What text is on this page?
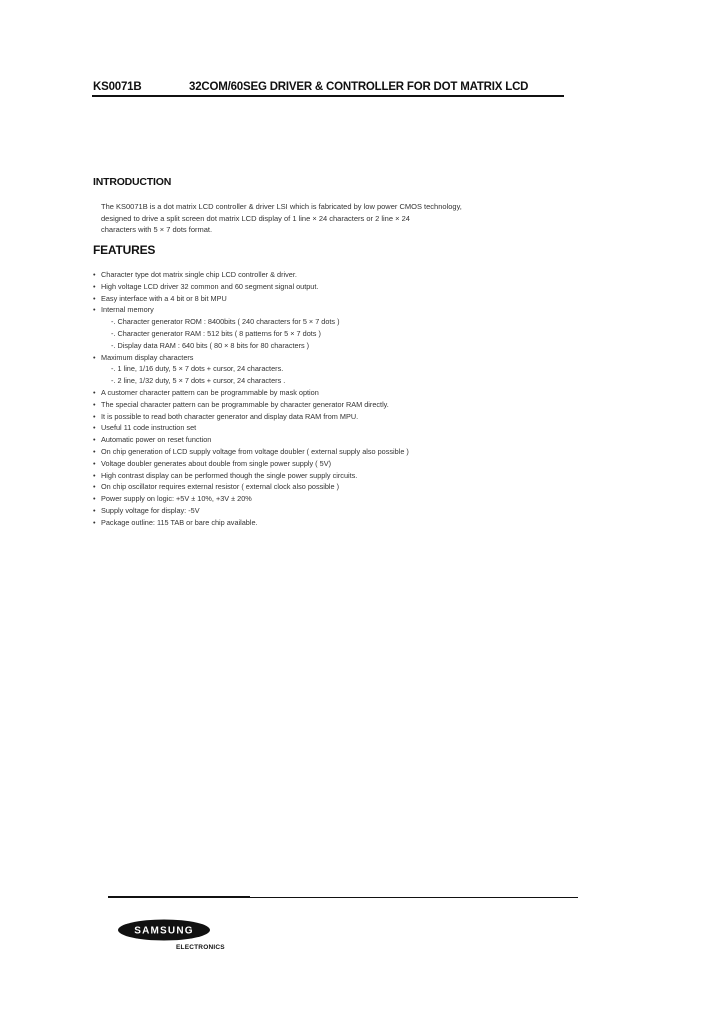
KS0071B	32COM/60SEG DRIVER & CONTROLLER FOR DOT MATRIX LCD
INTRODUCTION

The KS0071B is a dot matrix LCD controller & driver LSI which is fabricated by low power CMOS technology,

designed to drive a split screen dot matrix LCD display of 1 line × 24 characters or 2 line × 24

characters with 5 × 7 dots format.

FEATURES
• Character type dot matrix single chip LCD controller & driver.
• High voltage LCD driver 32 common and 60 segment signal output.
• Easy interface with a 4 bit or 8 bit MPU
• Internal memory
-. Character generator ROM : 8400bits ( 240 characters for 5 × 7 dots )
-. Character generator RAM : 512 bits ( 8 patterns for 5 × 7 dots )
-. Display data RAM : 640 bits ( 80 × 8 bits for 80 characters )
• Maximum display characters
-. 1 line, 1/16 duty, 5 × 7 dots + cursor, 24 characters.
-. 2 line, 1/32 duty, 5 × 7 dots + cursor, 24 characters .
• A customer character pattern can be programmable by mask option
• The special character pattern can be programmable by character generator RAM directly.
• It is possible to read both character generator and display data RAM from MPU.
• Useful 11 code instruction set
• Automatic power on reset function
• On chip generation of LCD supply voltage from voltage doubler ( external supply also possible )
• Voltage doubler generates about double from single power supply ( 5V)
• High contrast display can be performed though the single power supply circuits.
• On chip oscillator requires external resistor ( external clock also possible )
• Power supply on logic: +5V ± 10%, +3V ± 20%
• Supply voltage for display: -5V
• Package outline: 115 TAB or bare chip available.
SAMSUNG
ELECTRONICS
